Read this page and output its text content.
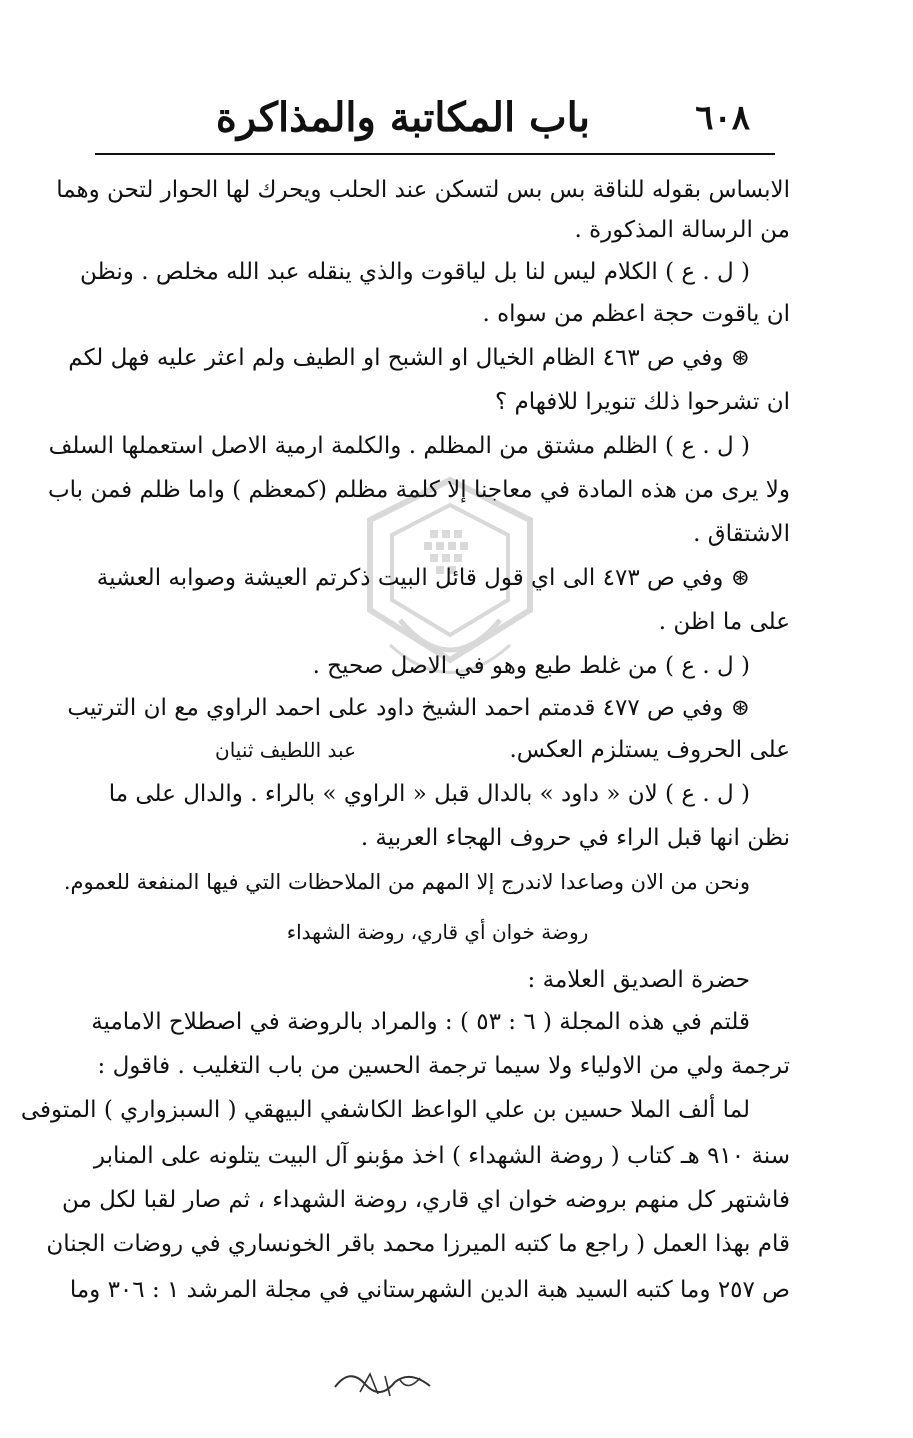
٦٠٨
باب المكاتبة والمذاكرة
الابساس بقوله للناقة بس بس لتسكن عند الحلب ويحرك لها الحوار لتحن وهما
من الرسالة المذكورة .
( ل . ع ) الكلام ليس لنا بل لياقوت والذي ينقله عبد الله مخلص . ونظن
ان ياقوت حجة اعظم من سواه .
⊛ وفي ص ٤٦٣ الظام الخيال او الشبح او الطيف ولم اعثر عليه فهل لكم
ان تشرحوا ذلك تنويرا للافهام ؟
( ل . ع ) الظلم مشتق من المظلم . والكلمة ارمية الاصل استعملها السلف
ولا يرى من هذه المادة في معاجنا إلا كلمة مظلم (كمعظم ) واما ظلم فمن باب
الاشتقاق .
⊛ وفي ص ٤٧٣ الى اي قول قائل البيت ذكرتم العيشة وصوابه العشية
على ما اظن .
( ل . ع ) من غلط طبع وهو في الاصل صحيح .
⊛ وفي ص ٤٧٧ قدمتم احمد الشيخ داود على احمد الراوي مع ان الترتيب
على الحروف يستلزم العكس.
عبد اللطيف ثنيان
( ل . ع ) لان « داود » بالدال قبل « الراوي » بالراء . والدال على ما
نظن انها قبل الراء في حروف الهجاء العربية .
ونحن من الان وصاعدا لاندرج إلا المهم من الملاحظات التي فيها المنفعة للعموم.
روضة خوان أي قاري، روضة الشهداء
حضرة الصديق العلامة :
قلتم في هذه المجلة ( ٦ : ٥٣ ) : والمراد بالروضة في اصطلاح الامامية
ترجمة ولي من الاولياء ولا سيما ترجمة الحسين من باب التغليب . فاقول :
لما ألف الملا حسين بن علي الواعظ الكاشفي البيهقي ( السبزواري ) المتوفى
سنة ٩١٠ هـ كتاب ( روضة الشهداء ) اخذ مؤبنو آل البيت يتلونه على المنابر
فاشتهر كل منهم بروضه خوان اي قاري، روضة الشهداء ، ثم صار لقبا لكل من
قام بهذا العمل ( راجع ما كتبه الميرزا محمد باقر الخونساري في روضات الجنان
ص ٢٥٧ وما كتبه السيد هبة الدين الشهرستاني في مجلة المرشد ١ : ٣٠٦ وما
